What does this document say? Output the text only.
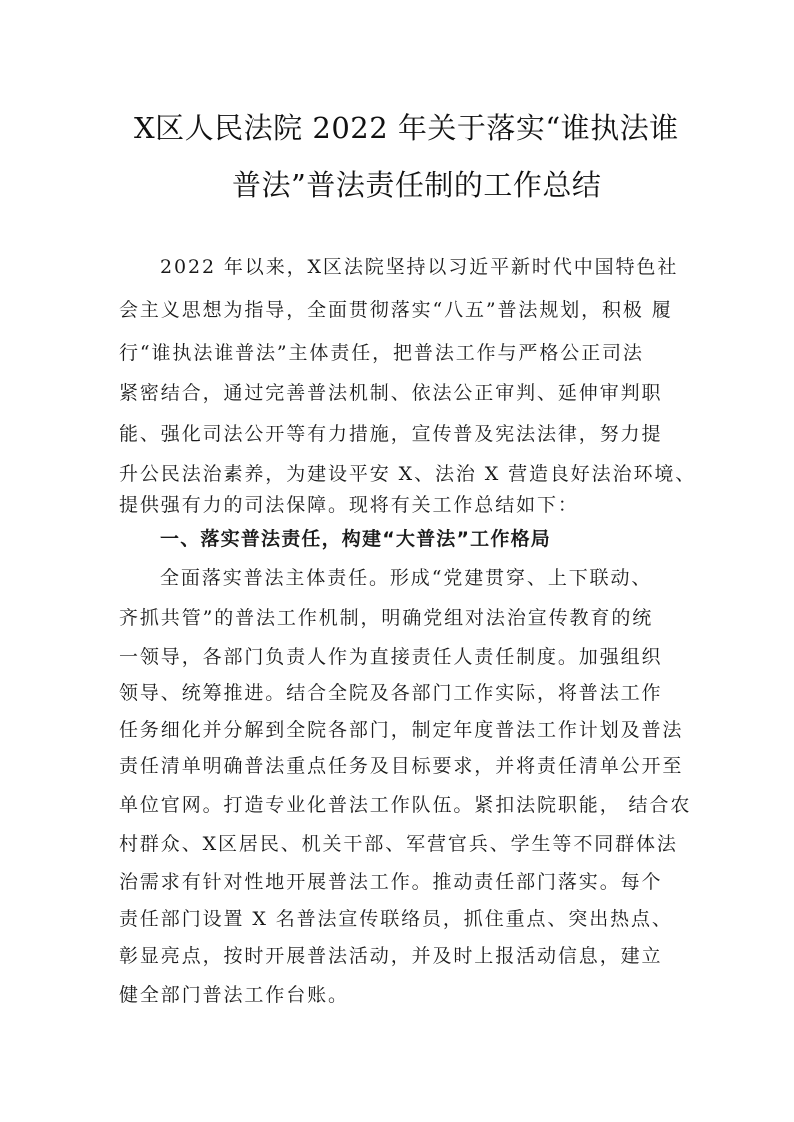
X区人民法院 2022 年关于落实“谁执法谁
普法”普法责任制的工作总结
2022 年以来，X区法院坚持以习近平新时代中国特色社
会主义思想为指导，全面贯彻落实“八五”普法规划，积极 履
行“谁执法谁普法”主体责任，把普法工作与严格公正司法
紧密结合，通过完善普法机制、依法公正审判、延伸审判职
能、强化司法公开等有力措施，宣传普及宪法法律，努力提
升公民法治素养，为建设平安 X、法治 X 营造良好法治环境、
提供强有力的司法保障。现将有关工作总结如下：
一、落实普法责任，构建“大普法”工作格局
全面落实普法主体责任。形成“党建贯穿、上下联动、
齐抓共管”的普法工作机制，明确党组对法治宣传教育的统
一领导，各部门负责人作为直接责任人责任制度。加强组织
领导、统筹推进。结合全院及各部门工作实际，将普法工作
任务细化并分解到全院各部门，制定年度普法工作计划及普法
责任清单明确普法重点任务及目标要求，并将责任清单公开至
单位官网。打造专业化普法工作队伍。紧扣法院职能， 结合农
村群众、X区居民、机关干部、军营官兵、学生等不同群体法
治需求有针对性地开展普法工作。推动责任部门落实。每个
责任部门设置 X 名普法宣传联络员，抓住重点、突出热点、
彰显亮点，按时开展普法活动，并及时上报活动信息，建立
健全部门普法工作台账。
